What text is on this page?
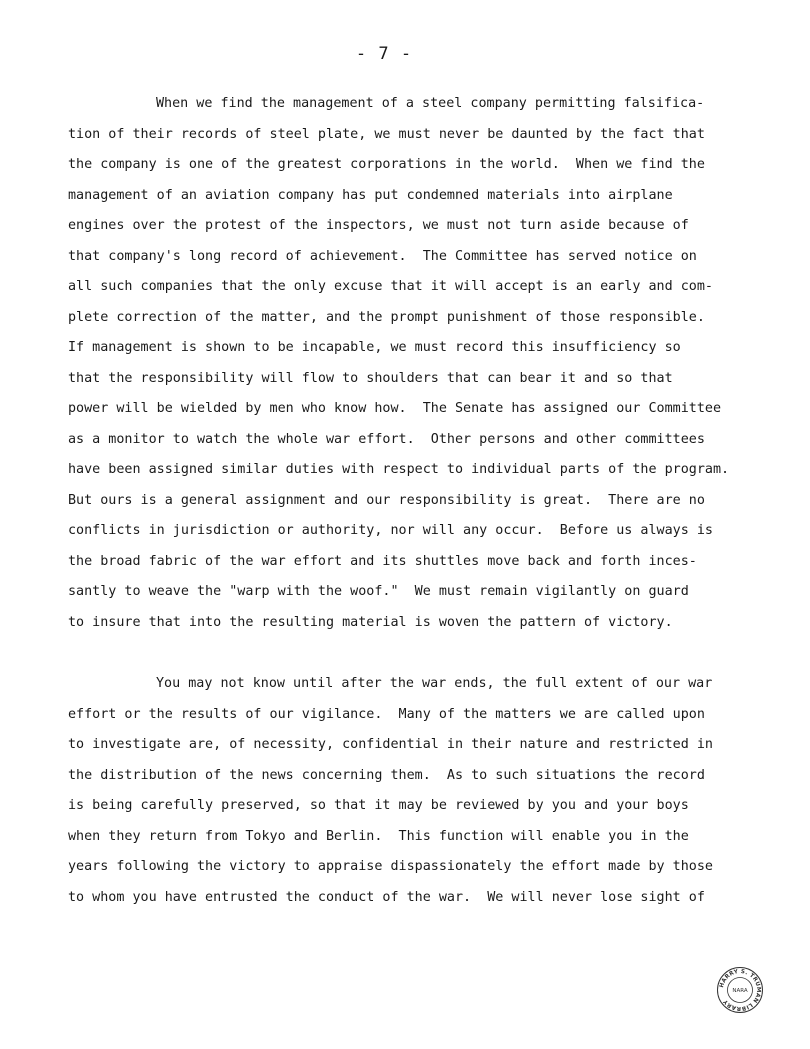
- 7 -
When we find the management of a steel company permitting falsifica-
tion of their records of steel plate, we must never be daunted by the fact that
the company is one of the greatest corporations in the world.  When we find the
management of an aviation company has put condemned materials into airplane
engines over the protest of the inspectors, we must not turn aside because of
that company's long record of achievement.  The Committee has served notice on
all such companies that the only excuse that it will accept is an early and com-
plete correction of the matter, and the prompt punishment of those responsible.
If management is shown to be incapable, we must record this insufficiency so
that the responsibility will flow to shoulders that can bear it and so that
power will be wielded by men who know how.  The Senate has assigned our Committee
as a monitor to watch the whole war effort.  Other persons and other committees
have been assigned similar duties with respect to individual parts of the program.
But ours is a general assignment and our responsibility is great.  There are no
conflicts in jurisdiction or authority, nor will any occur.  Before us always is
the broad fabric of the war effort and its shuttles move back and forth inces-
santly to weave the "warp with the woof."  We must remain vigilantly on guard
to insure that into the resulting material is woven the pattern of victory.
You may not know until after the war ends, the full extent of our war
effort or the results of our vigilance.  Many of the matters we are called upon
to investigate are, of necessity, confidential in their nature and restricted in
the distribution of the news concerning them.  As to such situations the record
is being carefully preserved, so that it may be reviewed by you and your boys
when they return from Tokyo and Berlin.  This function will enable you in the
years following the victory to appraise dispassionately the effort made by those
to whom you have entrusted the conduct of the war.  We will never lose sight of
HARRY S. TRUMAN LIBRARY
NARA
